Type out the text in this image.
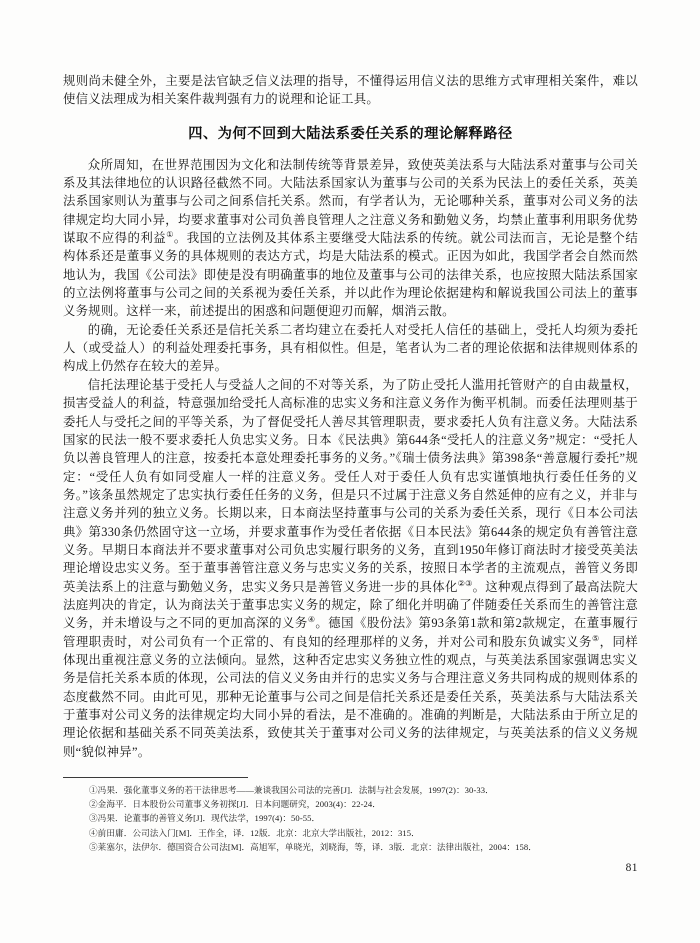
规则尚未健全外，主要是法官缺乏信义法理的指导，不懂得运用信义法的思维方式审理相关案件，难以使信义法理成为相关案件裁判强有力的说理和论证工具。

四、为何不回到大陆法系委任关系的理论解释路径

众所周知，在世界范围因为文化和法制传统等背景差异，致使英美法系与大陆法系对董事与公司关系及其法律地位的认识路径截然不同。大陆法系国家认为董事与公司的关系为民法上的委任关系，英美法系国家则认为董事与公司之间系信托关系。然而，有学者认为，无论哪种关系，董事对公司义务的法律规定均大同小异，均要求董事对公司负善良管理人之注意义务和勤勉义务，均禁止董事利用职务优势谋取不应得的利益①。我国的立法例及其体系主要继受大陆法系的传统。就公司法而言，无论是整个结构体系还是董事义务的具体规则的表达方式，均是大陆法系的模式。正因为如此，我国学者会自然而然地认为，我国《公司法》即使是没有明确董事的地位及董事与公司的法律关系，也应按照大陆法系国家的立法例将董事与公司之间的关系视为委任关系，并以此作为理论依据建构和解说我国公司法上的董事义务规则。这样一来，前述提出的困惑和问题便迎刃而解，烟消云散。

的确，无论委任关系还是信托关系二者均建立在委托人对受托人信任的基础上，受托人均须为委托人（或受益人）的利益处理委托事务，具有相似性。但是，笔者认为二者的理论依据和法律规则体系的构成上仍然存在较大的差异。

信托法理论基于受托人与受益人之间的不对等关系，为了防止受托人滥用托管财产的自由裁量权，损害受益人的利益，特意强加给受托人高标准的忠实义务和注意义务作为衡平机制。而委任法理则基于委托人与受托之间的平等关系，为了督促受托人善尽其管理职责，要求委托人负有注意义务。大陆法系国家的民法一般不要求委托人负忠实义务。日本《民法典》第644条“受托人的注意义务”规定：“受托人负以善良管理人的注意，按委托本意处理委托事务的义务。”《瑞士债务法典》第398条“善意履行委托”规定：“受任人负有如同受雇人一样的注意义务。受任人对于委任人负有忠实谨慎地执行委任任务的义务。”该条虽然规定了忠实执行委任任务的义务，但是只不过属于注意义务自然延伸的应有之义，并非与注意义务并列的独立义务。长期以来，日本商法坚持董事与公司的关系为委任关系，现行《日本公司法典》第330条仍然固守这一立场，并要求董事作为受任者依据《日本民法》第644条的规定负有善管注意义务。早期日本商法并不要求董事对公司负忠实履行职务的义务，直到1950年修订商法时才接受英美法理论增设忠实义务。至于董事善管注意义务与忠实义务的关系，按照日本学者的主流观点，善管义务即英美法系上的注意与勤勉义务，忠实义务只是善管义务进一步的具体化②③。这种观点得到了最高法院大法庭判决的肯定，认为商法关于董事忠实义务的规定，除了细化并明确了伴随委任关系而生的善管注意义务，并未增设与之不同的更加高深的义务④。德国《股份法》第93条第1款和第2款规定，在董事履行管理职责时，对公司负有一个正常的、有良知的经理那样的义务，并对公司和股东负诚实义务⑤，同样体现出重视注意义务的立法倾向。显然，这种否定忠实义务独立性的观点，与英美法系国家强调忠实义务是信托关系本质的体现，公司法的信义义务由并行的忠实义务与合理注意义务共同构成的规则体系的态度截然不同。由此可见，那种无论董事与公司之间是信托关系还是委任关系，英美法系与大陆法系关于董事对公司义务的法律规定均大同小异的看法，是不准确的。准确的判断是，大陆法系由于所立足的理论依据和基础关系不同英美法系，致使其关于董事对公司义务的法律规定，与英美法系的信义义务规则“貌似神异”。

①冯果．强化董事义务的若干法律思考——兼谈我国公司法的完善[J]．法制与社会发展，1997(2)：30-33．
②金海平．日本股份公司董事义务初探[J]．日本问题研究，2003(4)：22-24．
③冯果．论董事的善管义务[J]．现代法学，1997(4)：50-55．
④前田庸．公司法入门[M]．王作全，译．12版．北京：北京大学出版社，2012：315．
⑤莱塞尔，法伊尔．德国资合公司法[M]．高旭军，单晓光，刘晓海，等，译．3版．北京：法律出版社，2004：158．
81
